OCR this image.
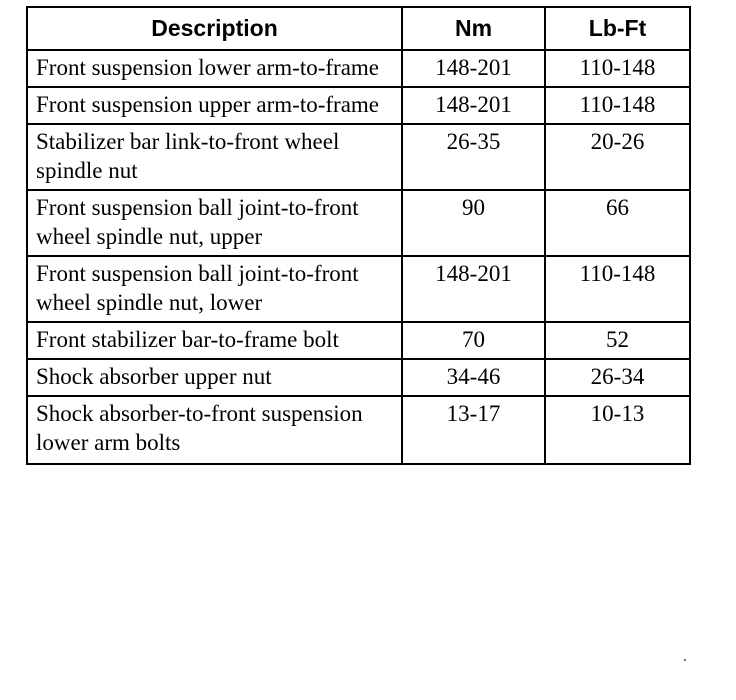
Description	Nm	Lb-Ft
Front suspension lower arm-to-frame	148-201	110-148
Front suspension upper arm-to-frame	148-201	110-148
Stabilizer bar link-to-front wheel spindle nut	26-35	20-26
Front suspension ball joint-to-front wheel spindle nut, upper	90	66
Front suspension ball joint-to-front wheel spindle nut, lower	148-201	110-148
Front stabilizer bar-to-frame bolt	70	52
Shock absorber upper nut	34-46	26-34
Shock absorber-to-front suspension lower arm bolts	13-17	10-13
